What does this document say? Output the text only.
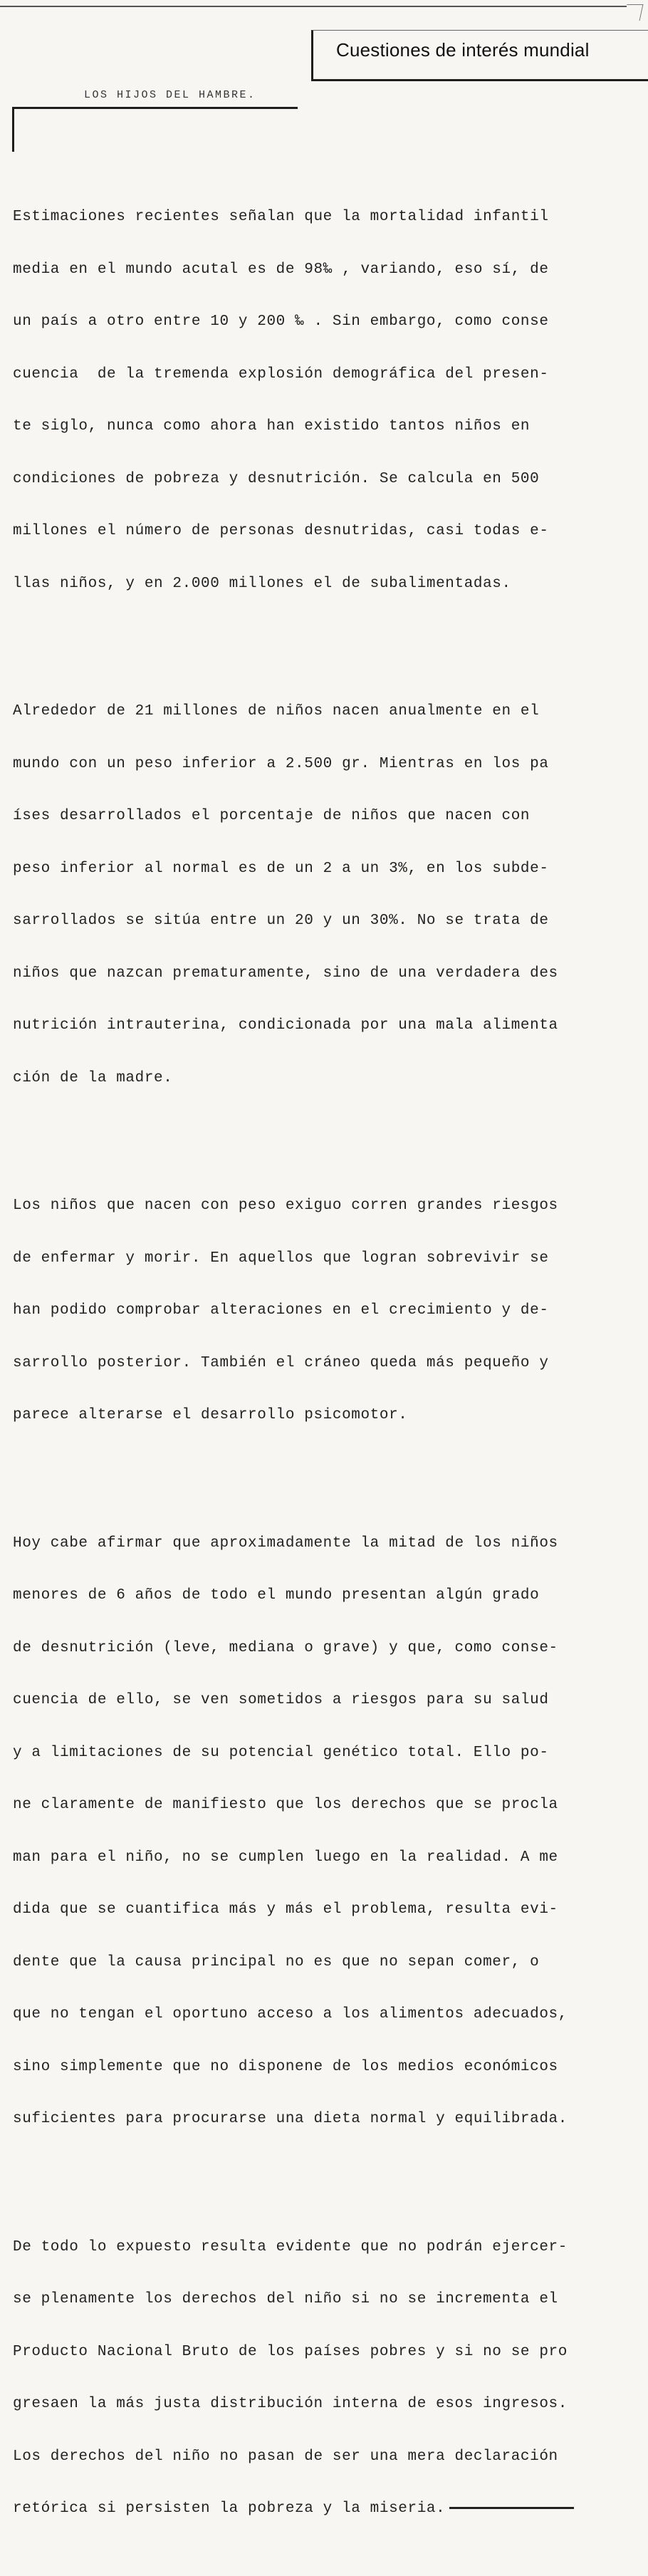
Cuestiones de interés mundial
LOS HIJOS DEL HAMBRE.

Estimaciones recientes señalan que la mortalidad infantil

media en el mundo acutal es de 98‰ , variando, eso sí, de

un país a otro entre 10 y 200 ‰ . Sin embargo, como conse

cuencia  de la tremenda explosión demográfica del presen-

te siglo, nunca como ahora han existido tantos niños en

condiciones de pobreza y desnutrición. Se calcula en 500

millones el número de personas desnutridas, casi todas e-

llas niños, y en 2.000 millones el de subalimentadas.

Alrededor de 21 millones de niños nacen anualmente en el

mundo con un peso inferior a 2.500 gr. Mientras en los pa

íses desarrollados el porcentaje de niños que nacen con

peso inferior al normal es de un 2 a un 3%, en los subde-

sarrollados se sitúa entre un 20 y un 30%. No se trata de

niños que nazcan prematuramente, sino de una verdadera des

nutrición intrauterina, condicionada por una mala alimenta

ción de la madre.

Los niños que nacen con peso exiguo corren grandes riesgos

de enfermar y morir. En aquellos que logran sobrevivir se

han podido comprobar alteraciones en el crecimiento y de-

sarrollo posterior. También el cráneo queda más pequeño y

parece alterarse el desarrollo psicomotor.

Hoy cabe afirmar que aproximadamente la mitad de los niños

menores de 6 años de todo el mundo presentan algún grado

de desnutrición (leve, mediana o grave) y que, como conse-

cuencia de ello, se ven sometidos a riesgos para su salud

y a limitaciones de su potencial genético total. Ello po-

ne claramente de manifiesto que los derechos que se procla

man para el niño, no se cumplen luego en la realidad. A me

dida que se cuantifica más y más el problema, resulta evi-

dente que la causa principal no es que no sepan comer, o

que no tengan el oportuno acceso a los alimentos adecuados,

sino simplemente que no disponene de los medios económicos

suficientes para procurarse una dieta normal y equilibrada.

De todo lo expuesto resulta evidente que no podrán ejercer-

se plenamente los derechos del niño si no se incrementa el

Producto Nacional Bruto de los países pobres y si no se pro

gresaen la más justa distribución interna de esos ingresos.

Los derechos del niño no pasan de ser una mera declaración

retórica si persisten la pobreza y la miseria.
